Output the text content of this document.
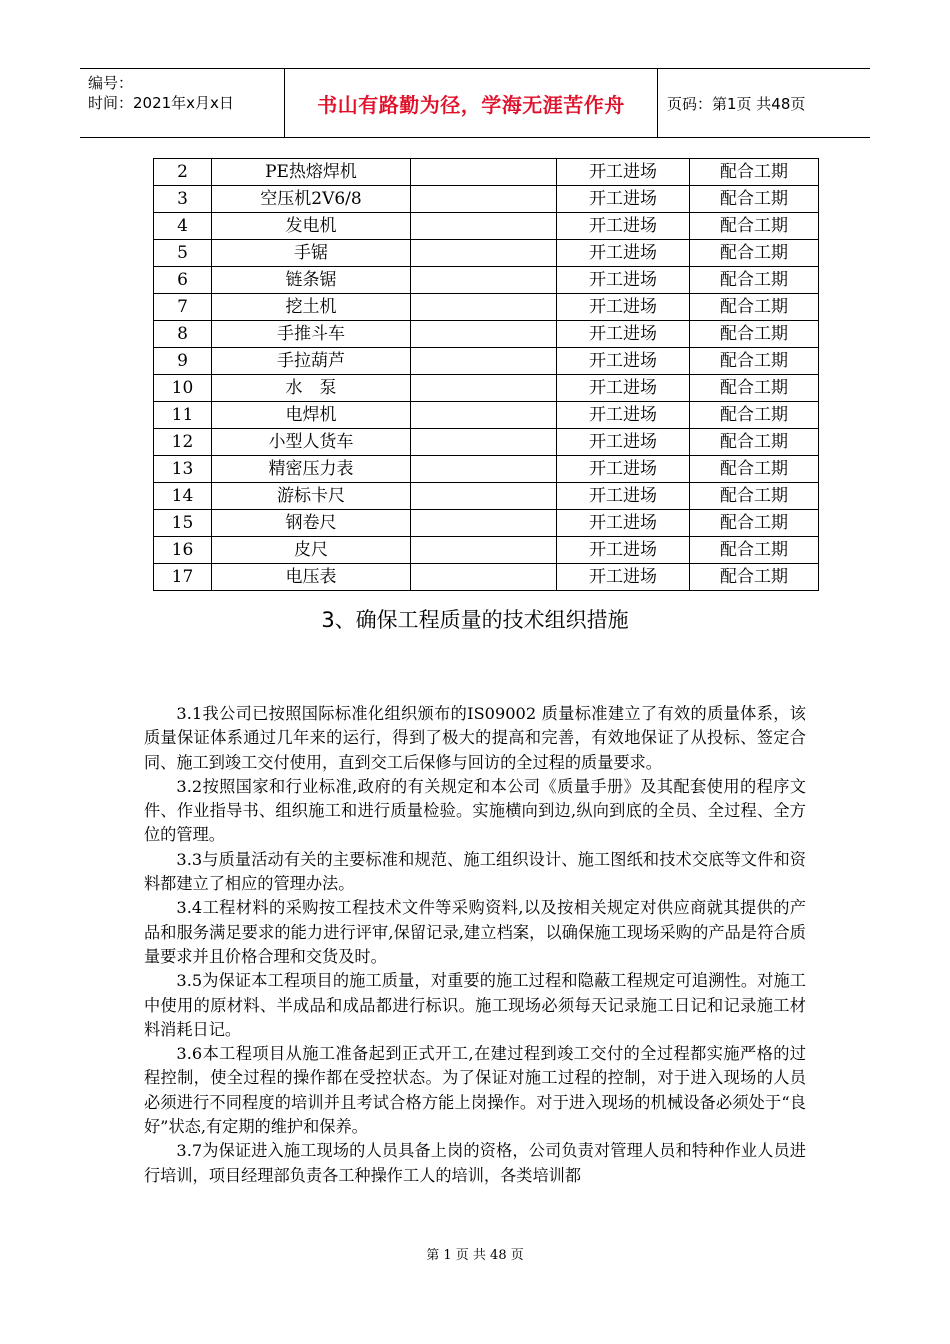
编号：
时间：2021年x月x日	书山有路勤为径，学海无涯苦作舟	页码：第1页 共48页
2	PE热熔焊机		开工进场	配合工期
3	空压机2V6/8		开工进场	配合工期
4	发电机		开工进场	配合工期
5	手锯		开工进场	配合工期
6	链条锯		开工进场	配合工期
7	挖土机		开工进场	配合工期
8	手推斗车		开工进场	配合工期
9	手拉葫芦		开工进场	配合工期
10	水　泵		开工进场	配合工期
11	电焊机		开工进场	配合工期
12	小型人货车		开工进场	配合工期
13	精密压力表		开工进场	配合工期
14	游标卡尺		开工进场	配合工期
15	钢卷尺		开工进场	配合工期
16	皮尺		开工进场	配合工期
17	电压表		开工进场	配合工期
3、确保工程质量的技术组织措施

3.1我公司已按照国际标准化组织颁布的IS09002 质量标准建立了有效的质量体系，该质量保证体系通过几年来的运行，得到了极大的提高和完善，有效地保证了从投标、签定合同、施工到竣工交付使用，直到交工后保修与回访的全过程的质量要求。

3.2按照国家和行业标准,政府的有关规定和本公司《质量手册》及其配套使用的程序文件、作业指导书、组织施工和进行质量检验。实施横向到边,纵向到底的全员、全过程、全方位的管理。

3.3与质量活动有关的主要标准和规范、施工组织设计、施工图纸和技术交底等文件和资料都建立了相应的管理办法。

3.4工程材料的采购按工程技术文件等采购资料,以及按相关规定对供应商就其提供的产品和服务满足要求的能力进行评审,保留记录,建立档案，以确保施工现场采购的产品是符合质量要求并且价格合理和交货及时。

3.5为保证本工程项目的施工质量，对重要的施工过程和隐蔽工程规定可追溯性。对施工中使用的原材料、半成品和成品都进行标识。施工现场必须每天记录施工日记和记录施工材料消耗日记。

3.6本工程项目从施工准备起到正式开工,在建过程到竣工交付的全过程都实施严格的过程控制，使全过程的操作都在受控状态。为了保证对施工过程的控制，对于进入现场的人员必须进行不同程度的培训并且考试合格方能上岗操作。对于进入现场的机械设备必须处于“良好”状态,有定期的维护和保养。

3.7为保证进入施工现场的人员具备上岗的资格，公司负责对管理人员和特种作业人员进行培训，项目经理部负责各工种操作工人的培训，各类培训都

第 1 页 共 48 页
